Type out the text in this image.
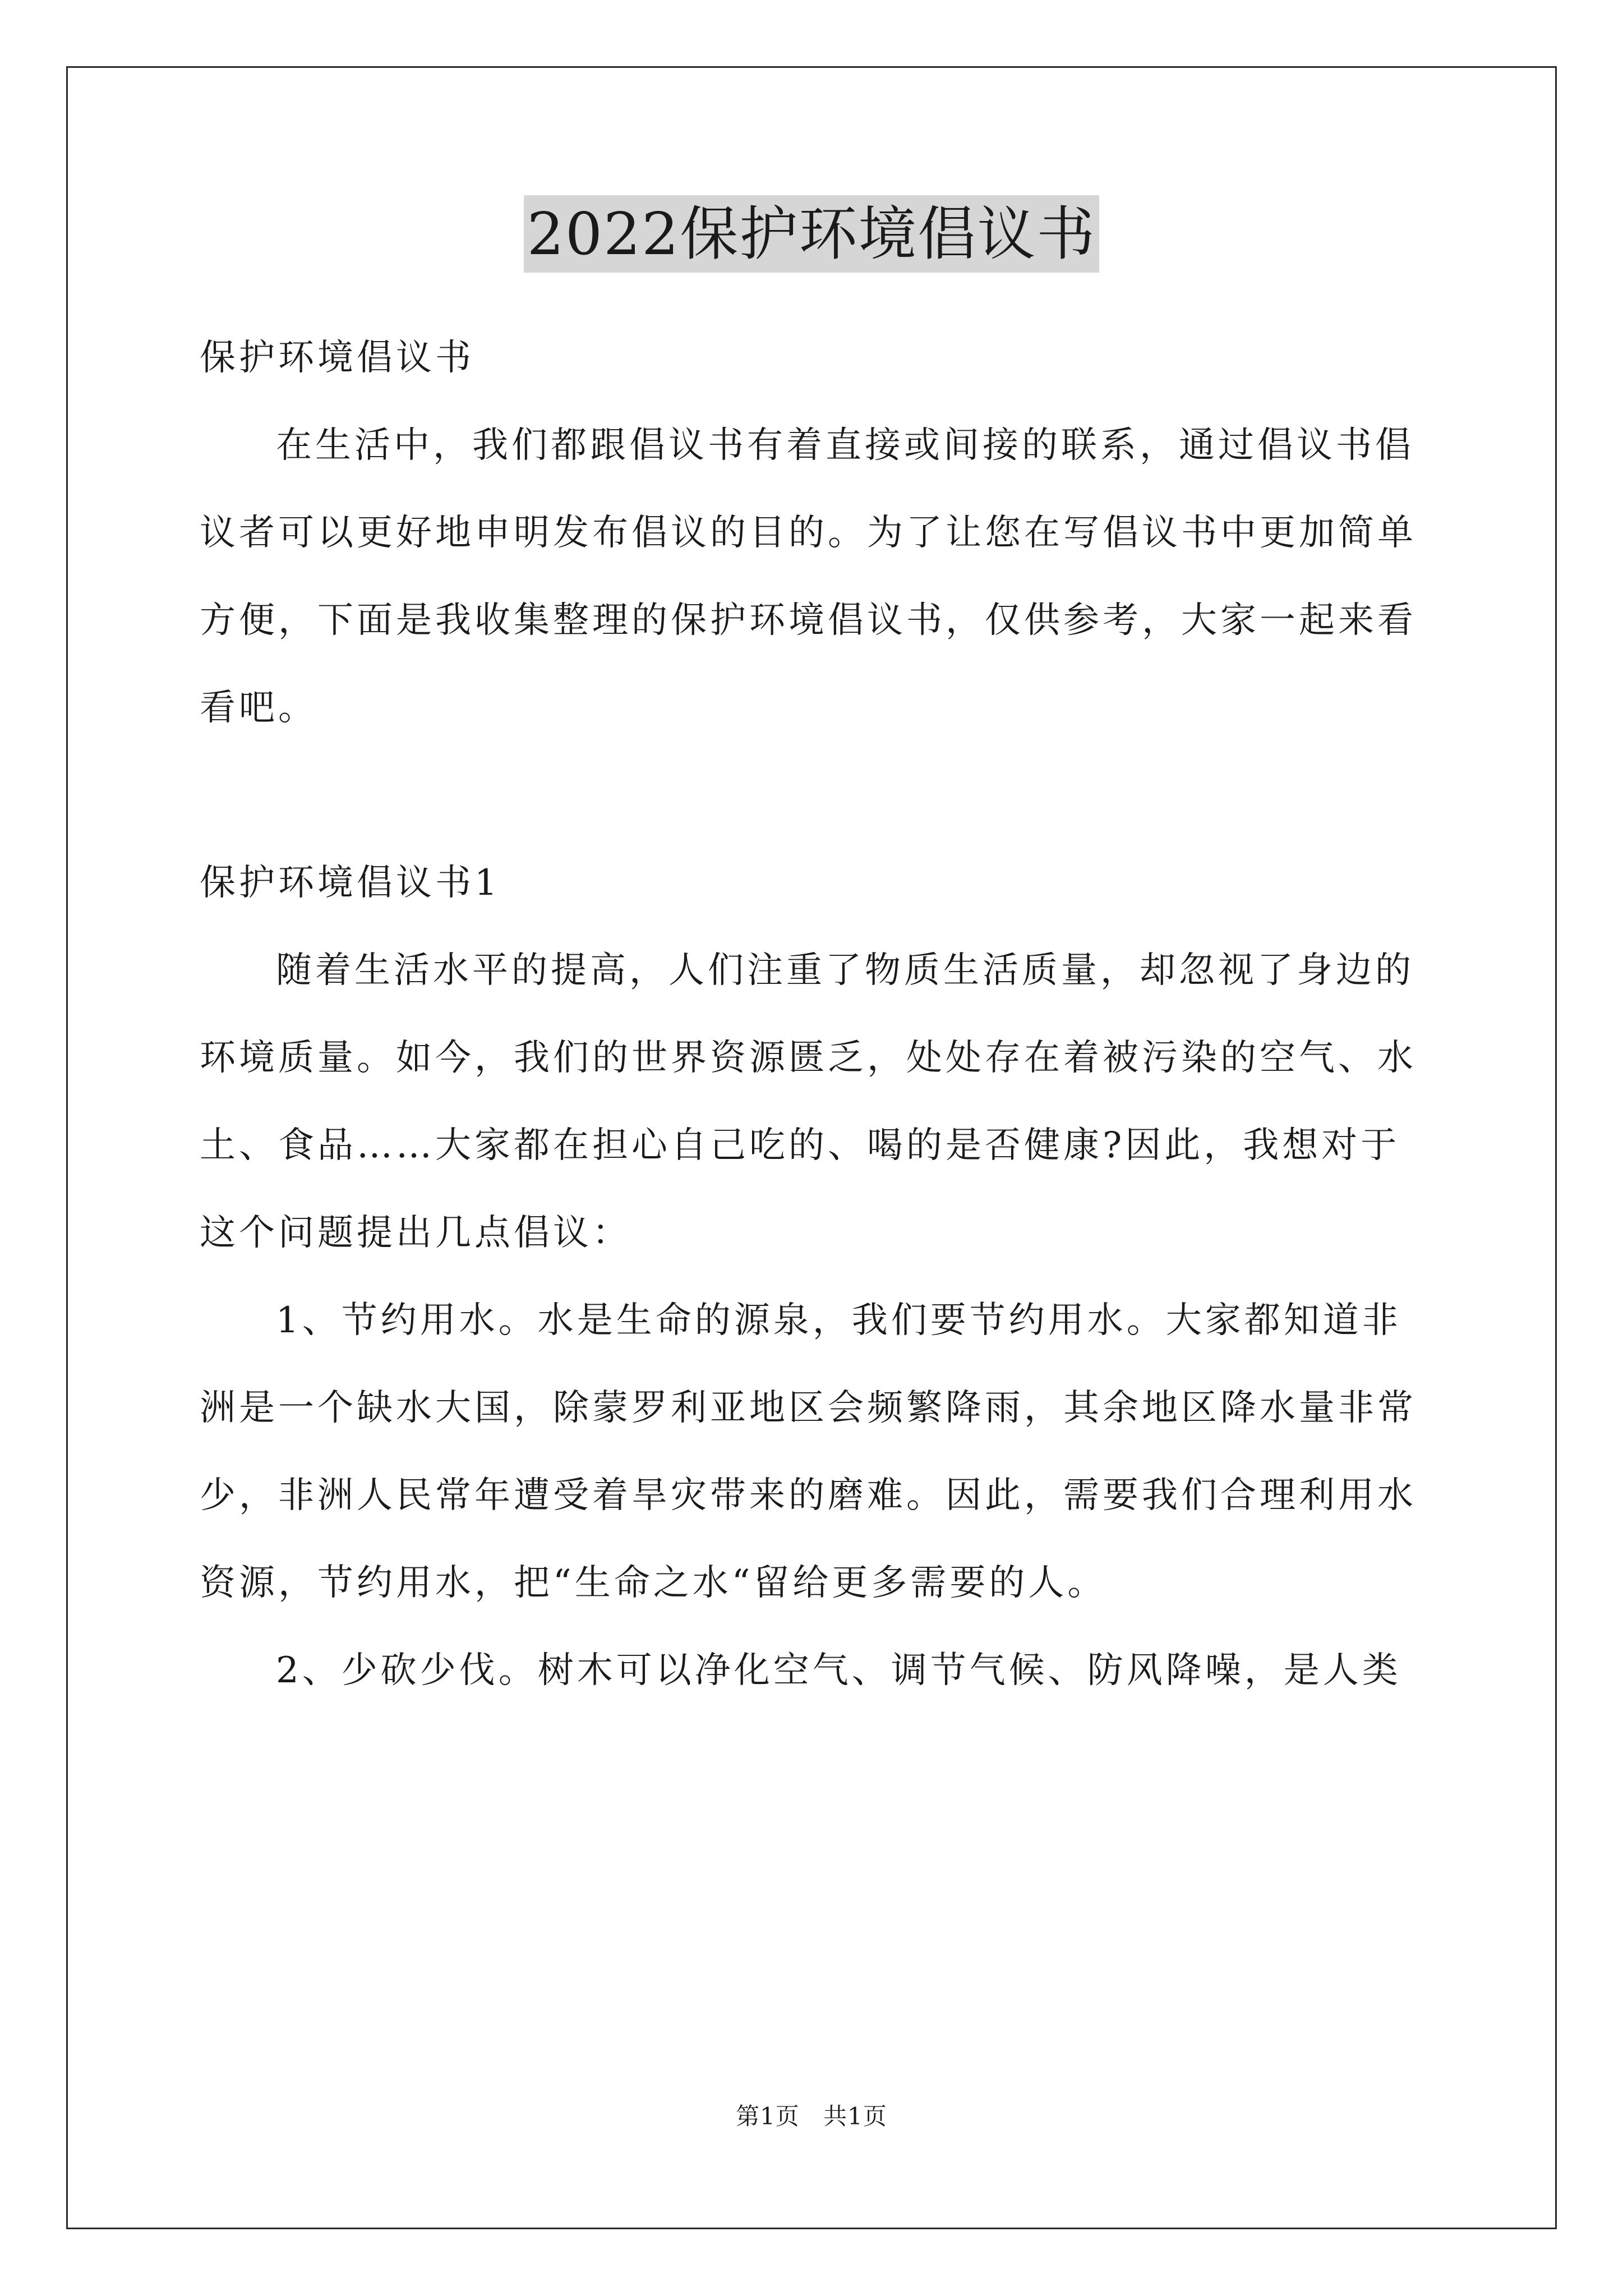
2022保护环境倡议书

保护环境倡议书

在生活中，我们都跟倡议书有着直接或间接的联系，通过倡议书倡议者可以更好地申明发布倡议的目的。为了让您在写倡议书中更加简单方便，下面是我收集整理的保护环境倡议书，仅供参考，大家一起来看看吧。

保护环境倡议书1

随着生活水平的提高，人们注重了物质生活质量，却忽视了身边的环境质量。如今，我们的世界资源匮乏，处处存在着被污染的空气、水土、食品……大家都在担心自己吃的、喝的是否健康?因此，我想对于这个问题提出几点倡议：

1、节约用水。水是生命的源泉，我们要节约用水。大家都知道非洲是一个缺水大国，除蒙罗利亚地区会频繁降雨，其余地区降水量非常少，非洲人民常年遭受着旱灾带来的磨难。因此，需要我们合理利用水资源，节约用水，把“生命之水“留给更多需要的人。

2、少砍少伐。树木可以净化空气、调节气候、防风降噪，是人类

第1页 共1页
